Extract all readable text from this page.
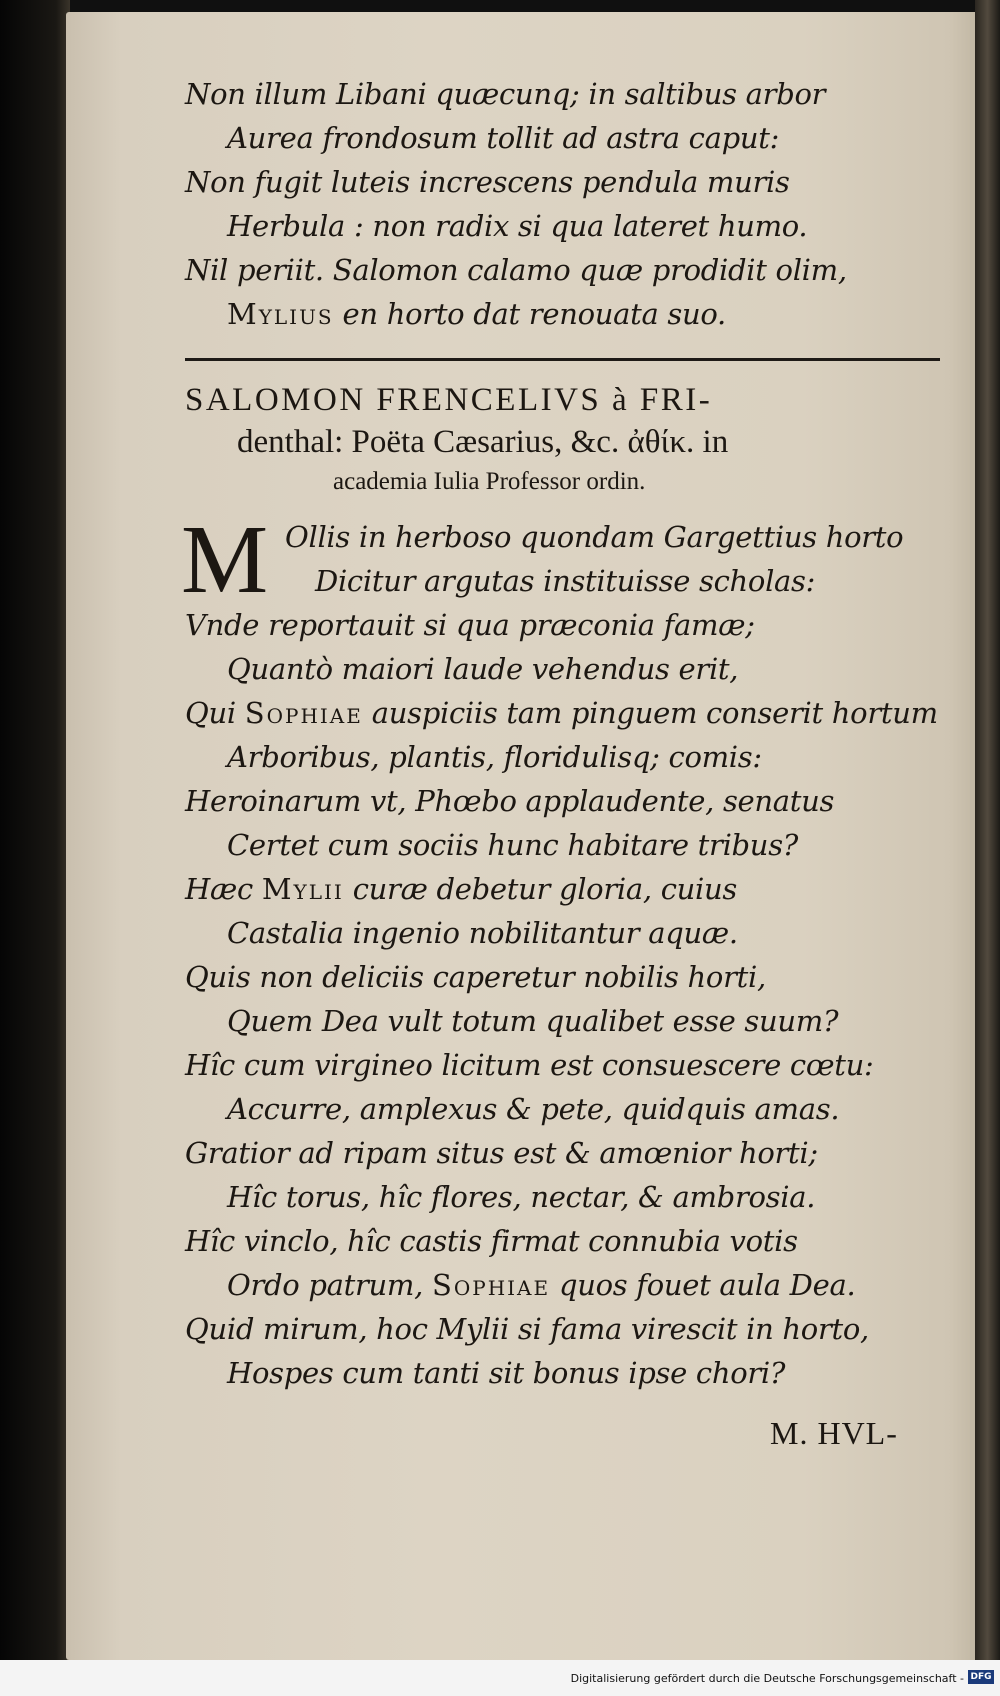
Non illum Libani quæcunq; in saltibus arbor
Aurea frondosum tollit ad astra caput:
Non fugit luteis increscens pendula muris
Herbula : non radix si qua lateret humo.
Nil periit. Salomon calamo quæ prodidit olim,
Mylius en horto dat renouata suo.
SALOMON FRENCELIVS à FRI-
denthal: Poëta Cæsarius, &c. ἀθίκ. in
academia Iulia Professor ordin.
M Ollis in herboso quondam Gargettius horto
Dicitur argutas instituisse scholas:
Vnde reportauit si qua præconia famæ;
Quantò maiori laude vehendus erit,
Qui Sophiae auspiciis tam pinguem conserit hortum
Arboribus, plantis, floridulisq; comis:
Heroinarum vt, Phœbo applaudente, senatus
Certet cum sociis hunc habitare tribus?
Hæc Mylii curæ debetur gloria, cuius
Castalia ingenio nobilitantur aquæ.
Quis non deliciis caperetur nobilis horti,
Quem Dea vult totum qualibet esse suum?
Hîc cum virgineo licitum est consuescere cœtu:
Accurre, amplexus & pete, quidquis amas.
Gratior ad ripam situs est & amœnior horti;
Hîc torus, hîc flores, nectar, & ambrosia.
Hîc vinclo, hîc castis firmat connubia votis
Ordo patrum, Sophiae quos fouet aula Dea.
Quid mirum, hoc Mylii si fama virescit in horto,
Hospes cum tanti sit bonus ipse chori?
M. HVL-
Digitalisierung gefördert durch die Deutsche Forschungsgemeinschaft - DFG
